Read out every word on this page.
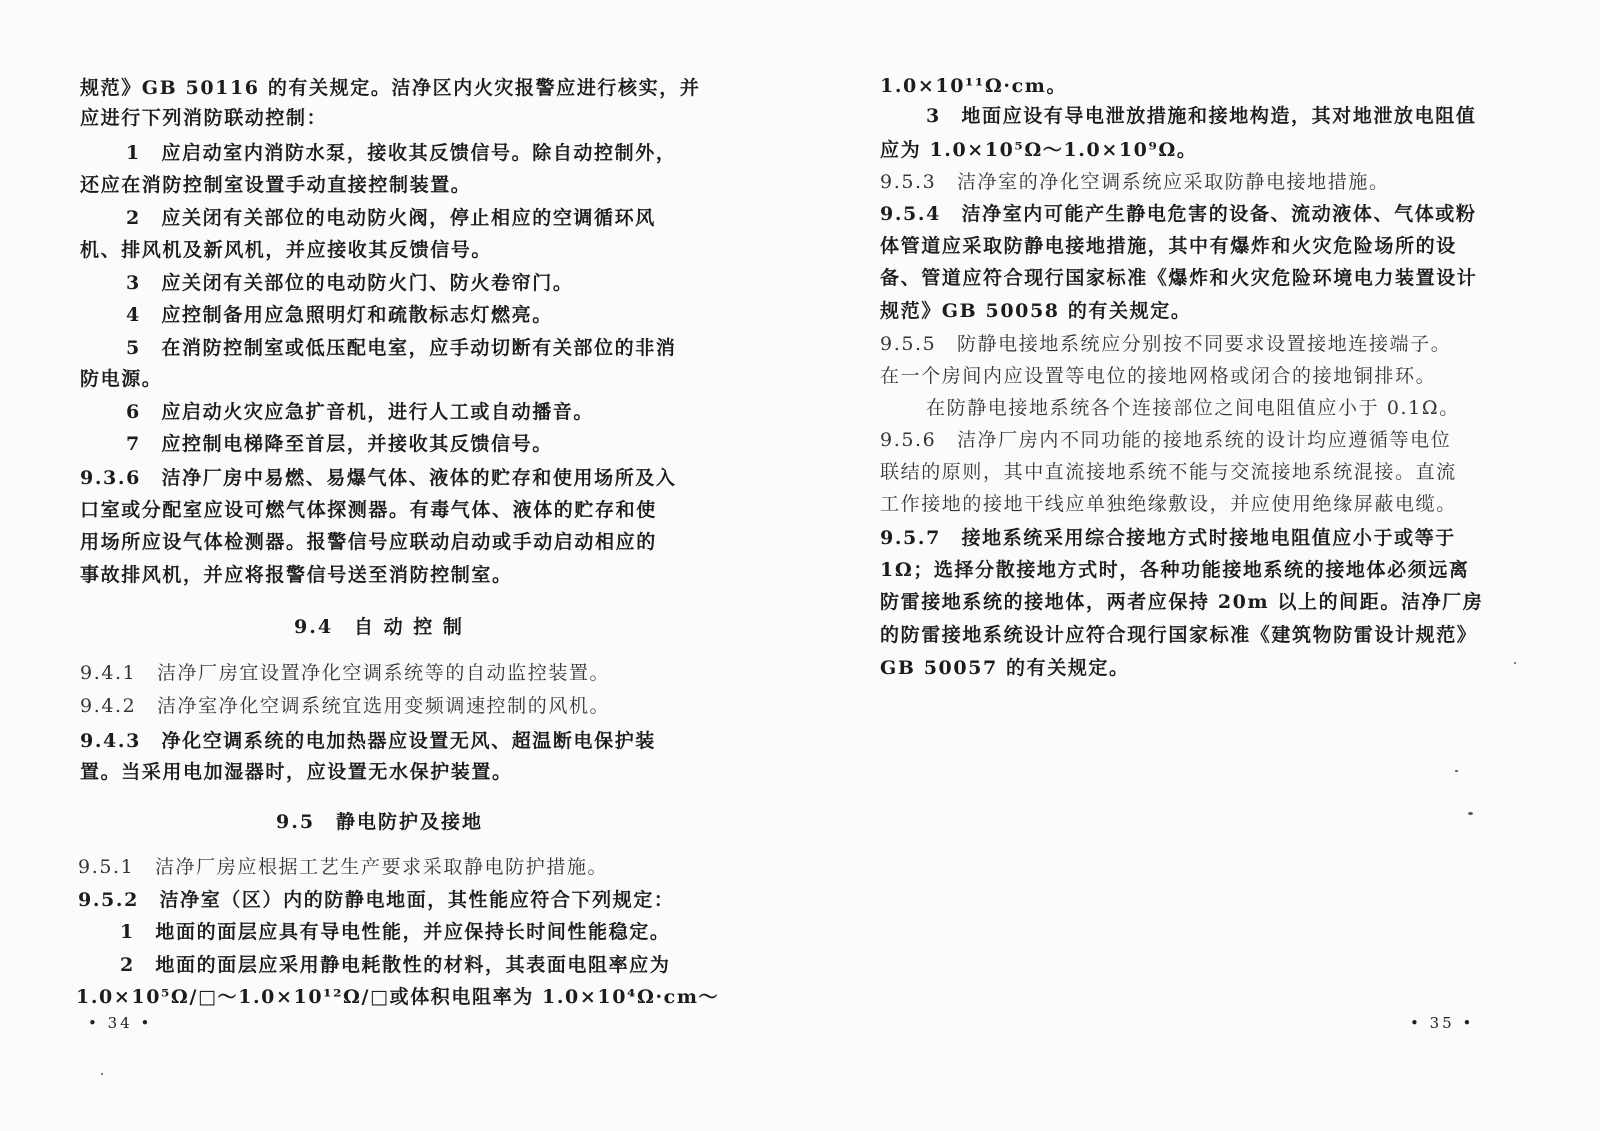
规范》GB 50116 的有关规定。洁净区内火灾报警应进行核实，并
应进行下列消防联动控制：
1　应启动室内消防水泵，接收其反馈信号。除自动控制外，
还应在消防控制室设置手动直接控制装置。
2　应关闭有关部位的电动防火阀，停止相应的空调循环风
机、排风机及新风机，并应接收其反馈信号。
3　应关闭有关部位的电动防火门、防火卷帘门。
4　应控制备用应急照明灯和疏散标志灯燃亮。
5　在消防控制室或低压配电室，应手动切断有关部位的非消
防电源。
6　应启动火灾应急扩音机，进行人工或自动播音。
7　应控制电梯降至首层，并接收其反馈信号。
9.3.6　洁净厂房中易燃、易爆气体、液体的贮存和使用场所及入
口室或分配室应设可燃气体探测器。有毒气体、液体的贮存和使
用场所应设气体检测器。报警信号应联动启动或手动启动相应的
事故排风机，并应将报警信号送至消防控制室。
9.4　自 动 控 制
9.4.1　洁净厂房宜设置净化空调系统等的自动监控装置。
9.4.2　洁净室净化空调系统宜选用变频调速控制的风机。
9.4.3　净化空调系统的电加热器应设置无风、超温断电保护装
置。当采用电加湿器时，应设置无水保护装置。
9.5　静电防护及接地
9.5.1　洁净厂房应根据工艺生产要求采取静电防护措施。
9.5.2　洁净室（区）内的防静电地面，其性能应符合下列规定：
1　地面的面层应具有导电性能，并应保持长时间性能稳定。
2　地面的面层应采用静电耗散性的材料，其表面电阻率应为
1.0×10⁵Ω/□～1.0×10¹²Ω/□或体积电阻率为 1.0×10⁴Ω·cm～
• 34 •
1.0×10¹¹Ω·cm。
3　地面应设有导电泄放措施和接地构造，其对地泄放电阻值
应为 1.0×10⁵Ω～1.0×10⁹Ω。
9.5.3　洁净室的净化空调系统应采取防静电接地措施。
9.5.4　洁净室内可能产生静电危害的设备、流动液体、气体或粉
体管道应采取防静电接地措施，其中有爆炸和火灾危险场所的设
备、管道应符合现行国家标准《爆炸和火灾危险环境电力装置设计
规范》GB 50058 的有关规定。
9.5.5　防静电接地系统应分别按不同要求设置接地连接端子。
在一个房间内应设置等电位的接地网格或闭合的接地铜排环。
在防静电接地系统各个连接部位之间电阻值应小于 0.1Ω。
9.5.6　洁净厂房内不同功能的接地系统的设计均应遵循等电位
联结的原则，其中直流接地系统不能与交流接地系统混接。直流
工作接地的接地干线应单独绝缘敷设，并应使用绝缘屏蔽电缆。
9.5.7　接地系统采用综合接地方式时接地电阻值应小于或等于
1Ω；选择分散接地方式时，各种功能接地系统的接地体必须远离
防雷接地系统的接地体，两者应保持 20m 以上的间距。洁净厂房
的防雷接地系统设计应符合现行国家标准《建筑物防雷设计规范》
GB 50057 的有关规定。
• 35 •
